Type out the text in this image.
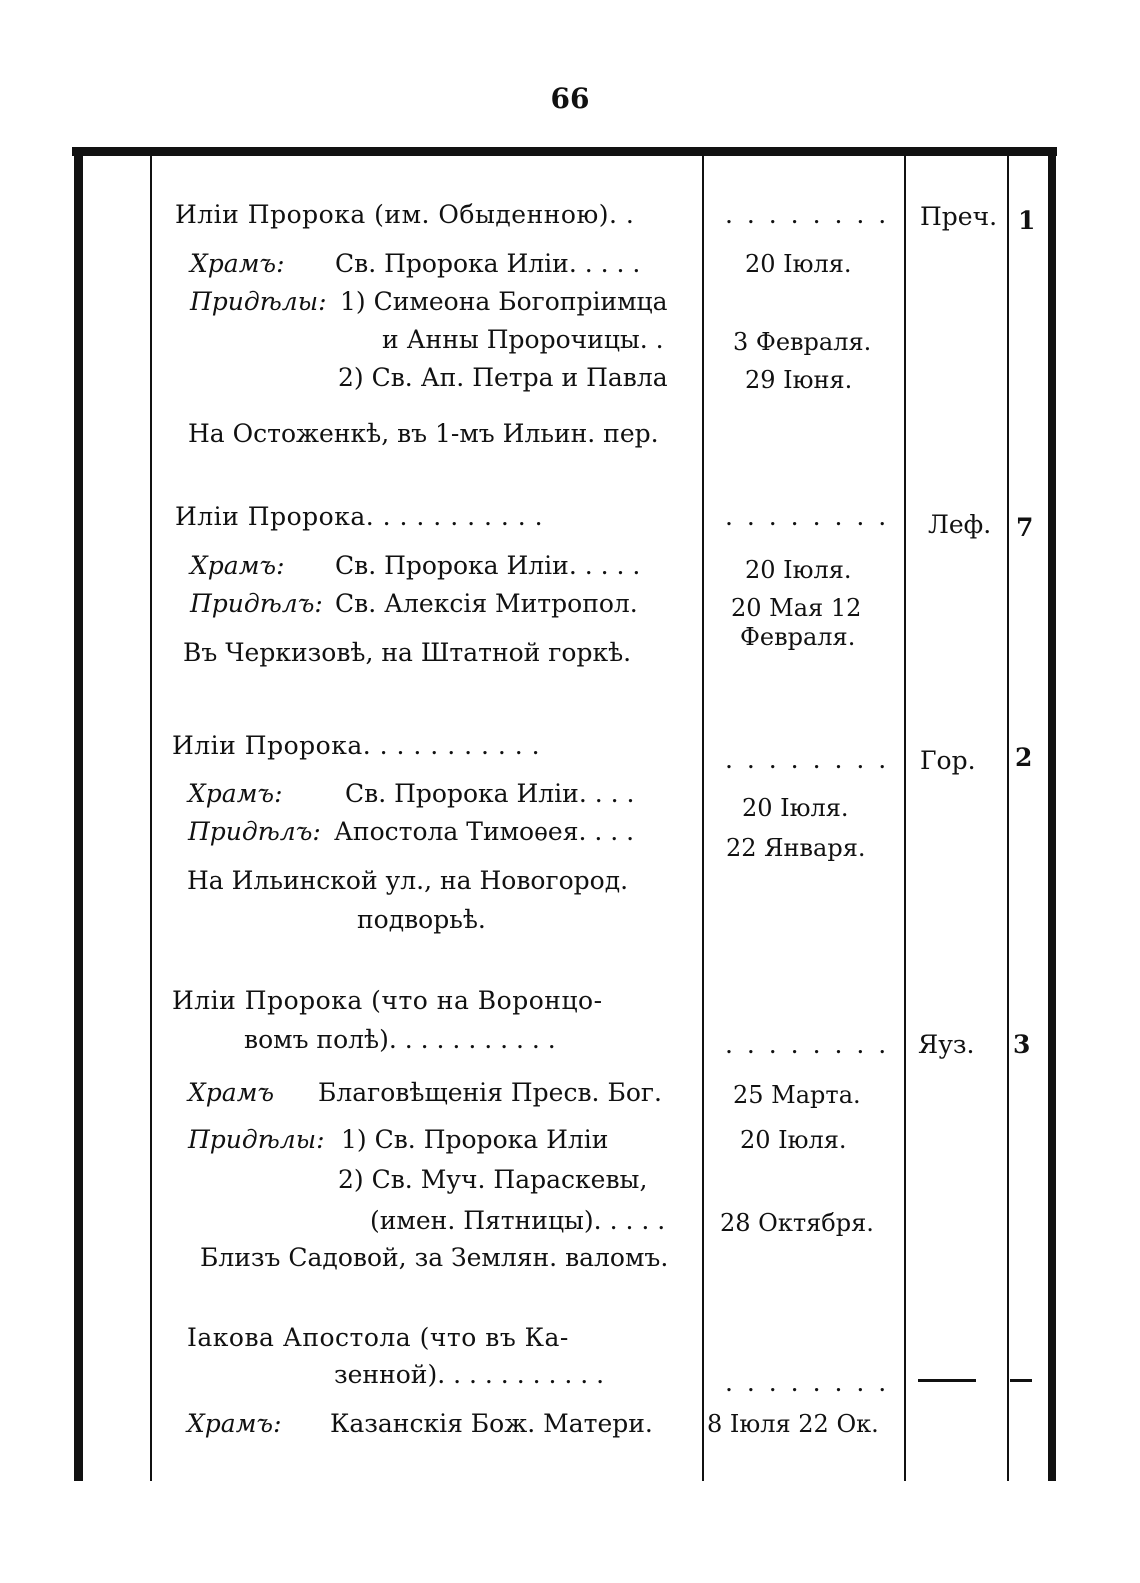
66
Иліи Пророка (им. Обыденною). .
Храмъ: Св. Пророка Иліи. . . . .
Придѣлы: 1) Симеона Богопріимца
и Анны Пророчицы. .
2) Св. Ап. Петра и Павла
На Остоженкѣ, въ 1-мъ Ильин. пер.
. . . . . . . .
20 Іюля.
3 Февраля.
29 Іюня.
Преч. 1
Иліи Пророка. . . . . . . . . . .
Храмъ: Св. Пророка Иліи. . . . .
Придѣлъ: Св. Алексія Митропол.
Въ Черкизовѣ, на Штатной горкѣ.
. . . . . . . .
20 Іюля.
20 Мая 12
Февраля.
Леф. 7
Иліи Пророка. . . . . . . . . . .
Храмъ: Св. Пророка Иліи. . . .
Придѣлъ: Апостола Тимоѳея. . . .
На Ильинской ул., на Новогород.
подворьѣ.
. . . . . . . .
20 Іюля.
22 Января.
Гор. 2
Иліи Пророка (что на Воронцо-
вомъ полѣ). . . . . . . . . . .
Храмъ Благовѣщенія Пресв. Бог.
Придѣлы: 1) Св. Пророка Иліи
2) Св. Муч. Параскевы,
(имен. Пятницы). . . . .
Близъ Садовой, за Землян. валомъ.
. . . . . . . .
25 Марта.
20 Іюля.
28 Октября.
Яуз. 3
Іакова Апостола (что въ Ка-
зенной). . . . . . . . . . .
Храмъ: Казанскія Бож. Матери.
. . . . . . . .
8 Іюля 22 Ок.
